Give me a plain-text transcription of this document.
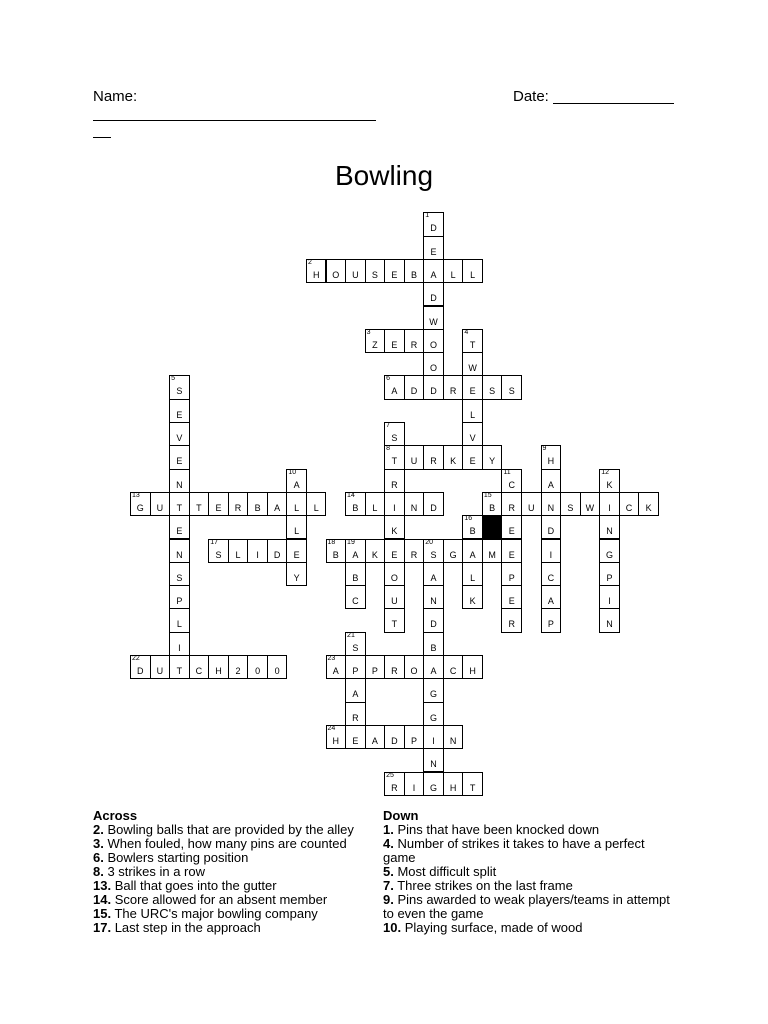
Name:	Date:
Bowling
1
D
E
2
H	O	U	S	E	B	A	L	L
D
W
3
Z	E	R	O
4
T
O	W
5
S
6
A	D	D	R	E	S	S
E	L
V
7
S	V
E
8
T	U	R	K	E	Y
9
H
N
10
A	R
11
C	A
12
K
13
G	U	T	T	E	R	B	A	L	L
14
B	L	I	N	D
15
B	R	U	N	S	W	I	C	K
E	L	K
16
B	E	D	N
N
17
S	L	I	D	E
18
B
19
A	K	E	R
20
S	G	A	M	E	I	G
S	Y	B	O	A	L	P	C	P
P	C	U	N	K	E	A	I
L	T	D	R	P	N
I
21
S	B
22
D	U	T	C	H	2	0	0
23
A	P	P	R	O	A	C	H
A	G
R	G
24
H	E	A	D	P	I	N
N
25
R	I	G	H	T
Across
2. Bowling balls that are provided by the alley
3. When fouled, how many pins are counted
6. Bowlers starting position
8. 3 strikes in a row
13. Ball that goes into the gutter
14. Score allowed for an absent member
15. The URC's major bowling company
17. Last step in the approach
Down
1. Pins that have been knocked down
4. Number of strikes it takes to have a perfect game
5. Most difficult split
7. Three strikes on the last frame
9. Pins awarded to weak players/teams in attempt to even the game
10. Playing surface, made of wood
